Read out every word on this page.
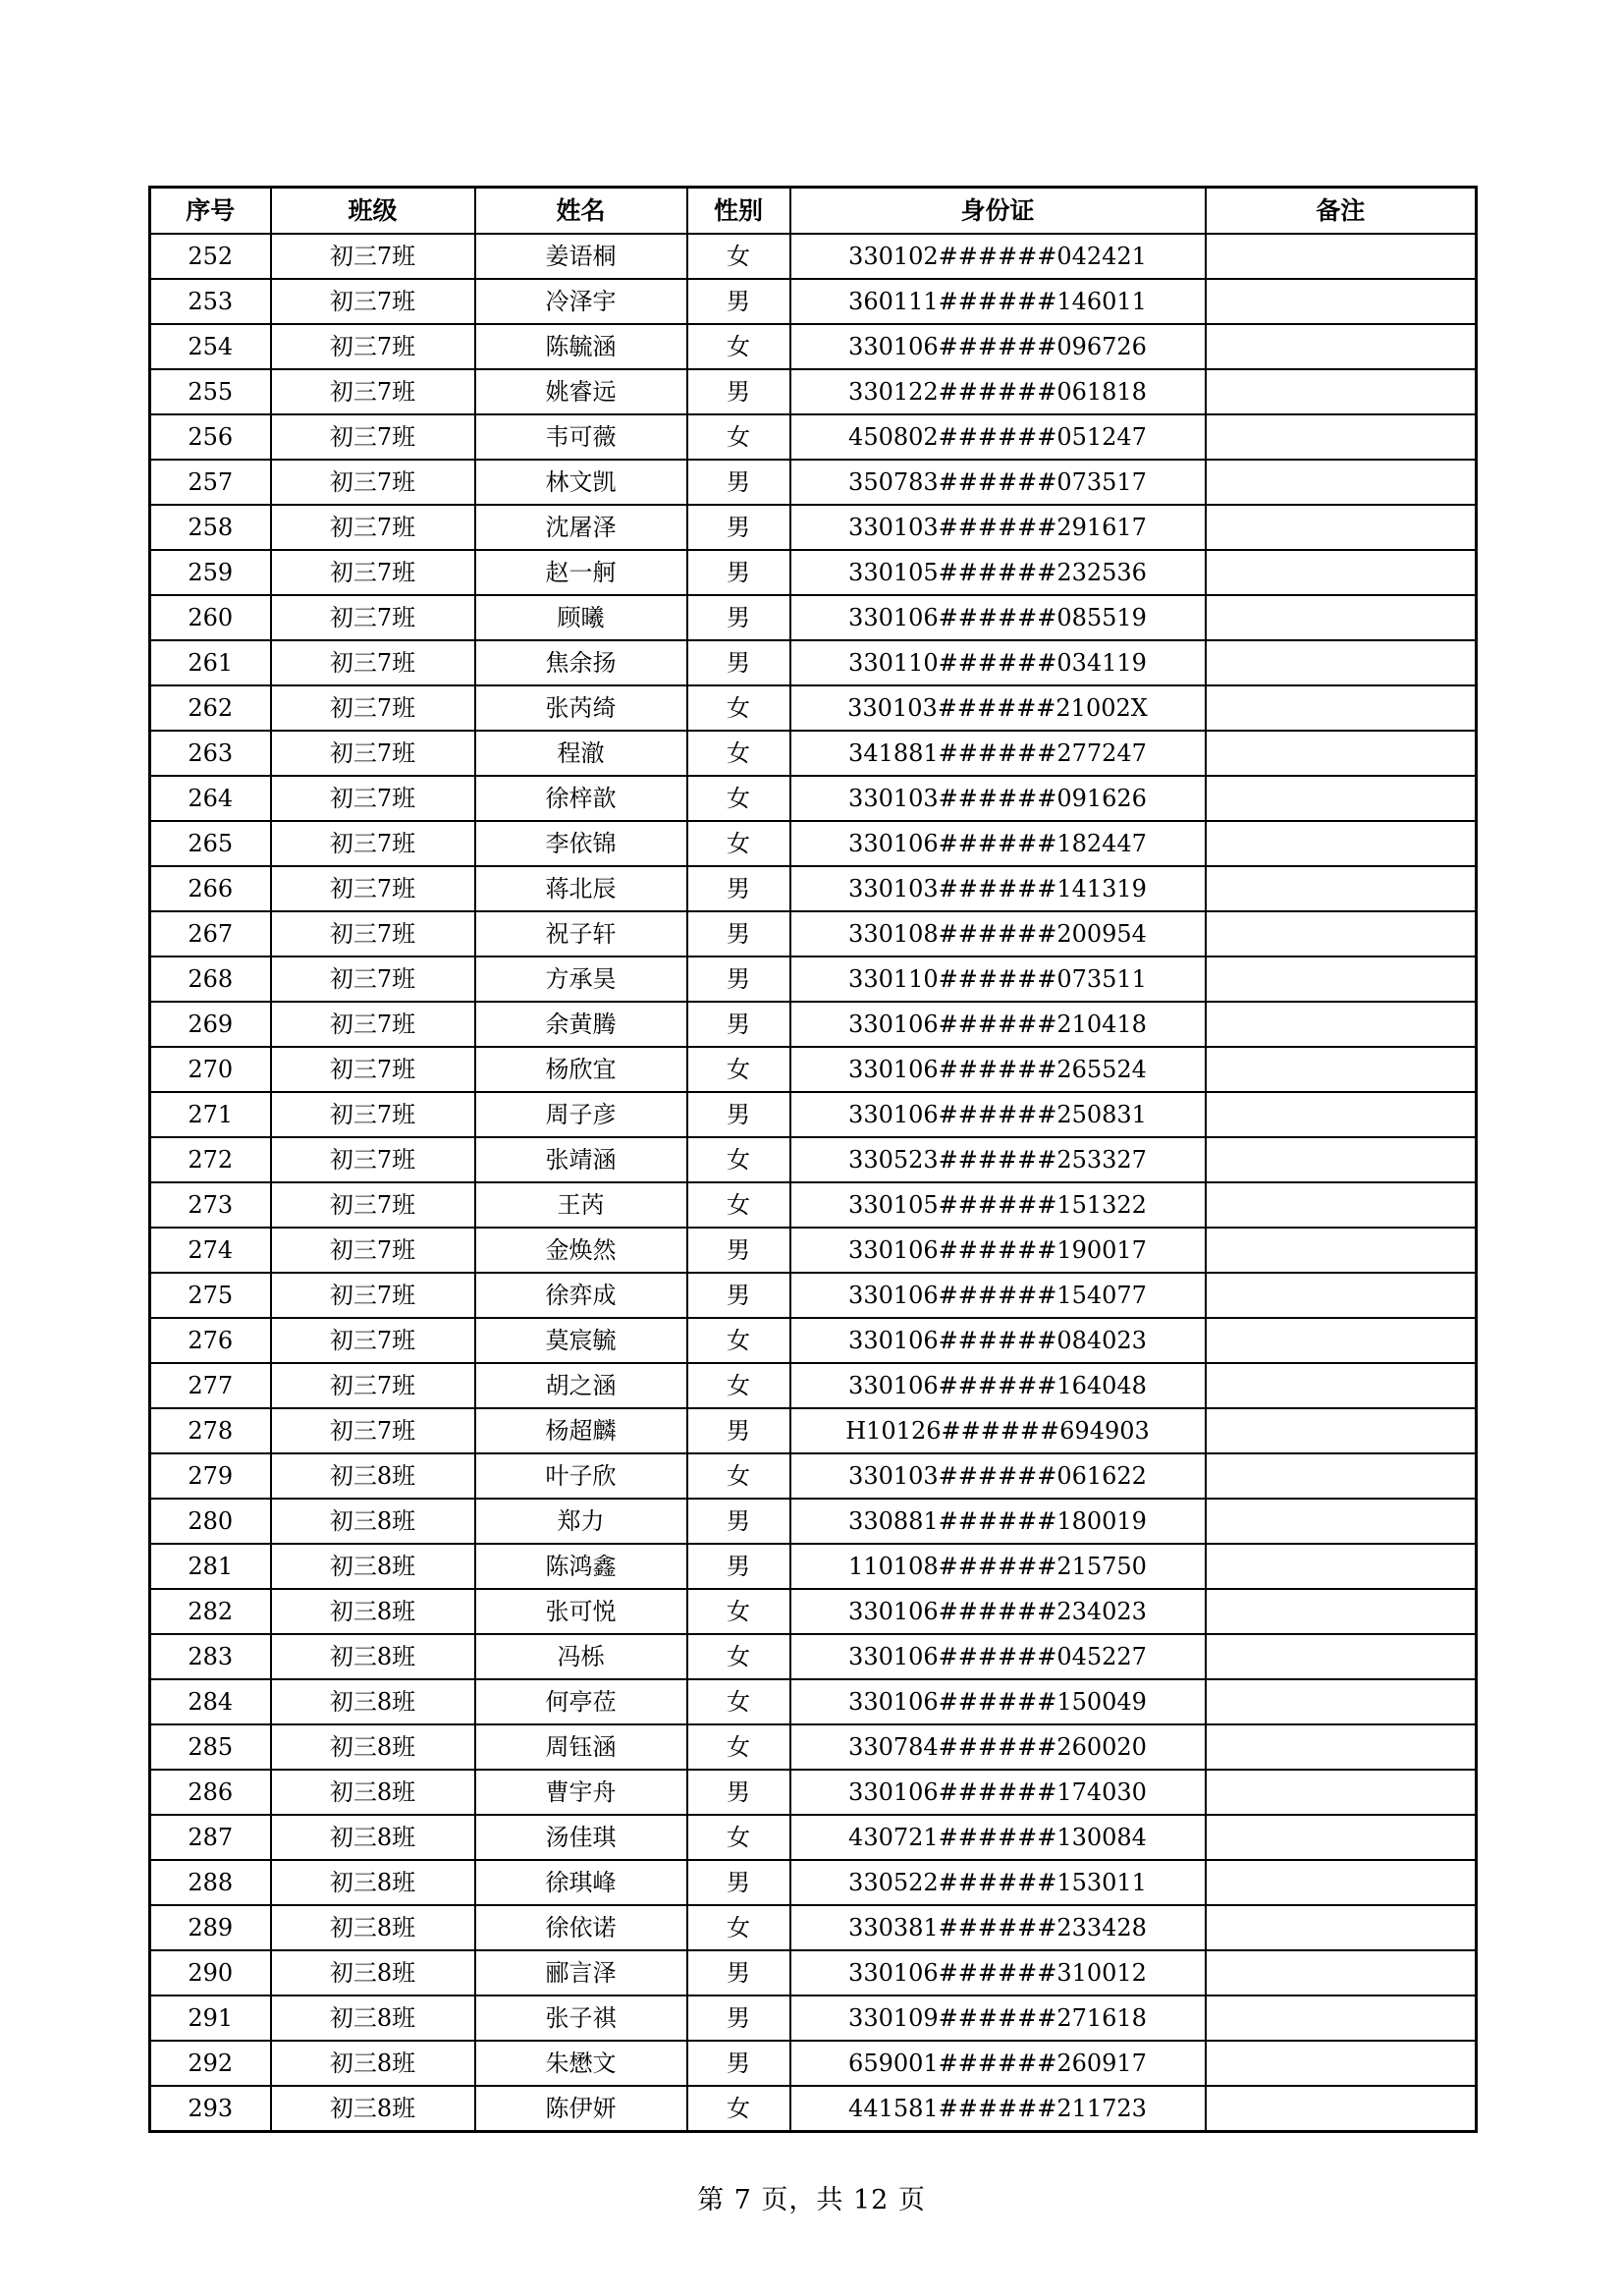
序号	班级	姓名	性别	身份证	备注
252	初三7班	姜语桐	女	330102######042421	
253	初三7班	冷泽宇	男	360111######146011	
254	初三7班	陈毓涵	女	330106######096726	
255	初三7班	姚睿远	男	330122######061818	
256	初三7班	韦可薇	女	450802######051247	
257	初三7班	林文凯	男	350783######073517	
258	初三7班	沈屠泽	男	330103######291617	
259	初三7班	赵一舸	男	330105######232536	
260	初三7班	顾曦	男	330106######085519	
261	初三7班	焦余扬	男	330110######034119	
262	初三7班	张芮绮	女	330103######21002X	
263	初三7班	程澈	女	341881######277247	
264	初三7班	徐梓歆	女	330103######091626	
265	初三7班	李依锦	女	330106######182447	
266	初三7班	蒋北辰	男	330103######141319	
267	初三7班	祝子轩	男	330108######200954	
268	初三7班	方承昊	男	330110######073511	
269	初三7班	余黄腾	男	330106######210418	
270	初三7班	杨欣宜	女	330106######265524	
271	初三7班	周子彦	男	330106######250831	
272	初三7班	张靖涵	女	330523######253327	
273	初三7班	王芮	女	330105######151322	
274	初三7班	金焕然	男	330106######190017	
275	初三7班	徐弈成	男	330106######154077	
276	初三7班	莫宸毓	女	330106######084023	
277	初三7班	胡之涵	女	330106######164048	
278	初三7班	杨超麟	男	H10126######694903	
279	初三8班	叶子欣	女	330103######061622	
280	初三8班	郑力	男	330881######180019	
281	初三8班	陈鸿鑫	男	110108######215750	
282	初三8班	张可悦	女	330106######234023	
283	初三8班	冯栎	女	330106######045227	
284	初三8班	何亭莅	女	330106######150049	
285	初三8班	周钰涵	女	330784######260020	
286	初三8班	曹宇舟	男	330106######174030	
287	初三8班	汤佳琪	女	430721######130084	
288	初三8班	徐琪峰	男	330522######153011	
289	初三8班	徐依诺	女	330381######233428	
290	初三8班	郦言泽	男	330106######310012	
291	初三8班	张子祺	男	330109######271618	
292	初三8班	朱懋文	男	659001######260917	
293	初三8班	陈伊妍	女	441581######211723	
第 7 页，共 12 页
